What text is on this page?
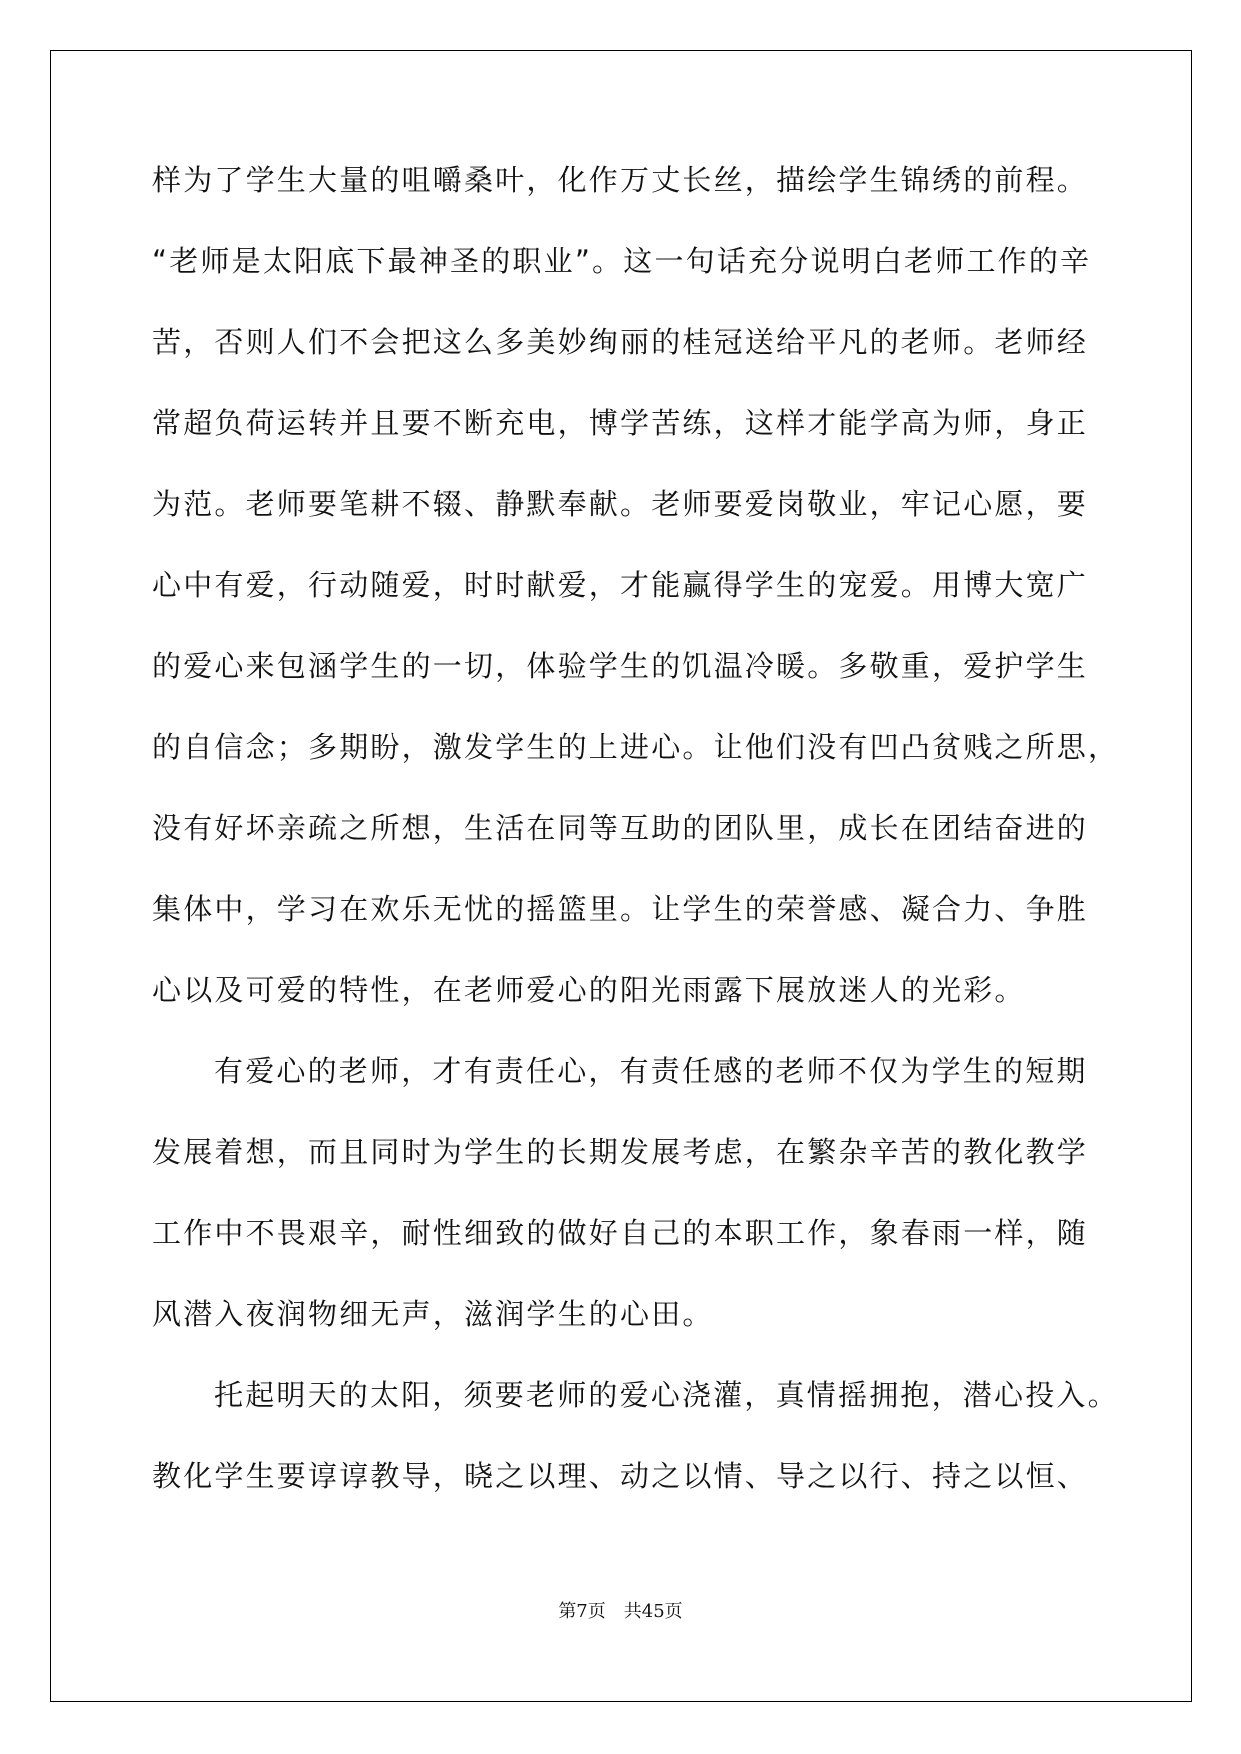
样为了学生大量的咀嚼桑叶，化作万丈长丝，描绘学生锦绣的前程。
“老师是太阳底下最神圣的职业”。这一句话充分说明白老师工作的辛
苦，否则人们不会把这么多美妙绚丽的桂冠送给平凡的老师。老师经
常超负荷运转并且要不断充电，博学苦练，这样才能学高为师，身正
为范。老师要笔耕不辍、静默奉献。老师要爱岗敬业，牢记心愿，要
心中有爱，行动随爱，时时献爱，才能赢得学生的宠爱。用博大宽广
的爱心来包涵学生的一切，体验学生的饥温冷暖。多敬重，爱护学生
的自信念；多期盼，激发学生的上进心。让他们没有凹凸贫贱之所思，
没有好坏亲疏之所想，生活在同等互助的团队里，成长在团结奋进的
集体中，学习在欢乐无忧的摇篮里。让学生的荣誉感、凝合力、争胜
心以及可爱的特性，在老师爱心的阳光雨露下展放迷人的光彩。
有爱心的老师，才有责任心，有责任感的老师不仅为学生的短期
发展着想，而且同时为学生的长期发展考虑，在繁杂辛苦的教化教学
工作中不畏艰辛，耐性细致的做好自己的本职工作，象春雨一样，随
风潜入夜润物细无声，滋润学生的心田。
托起明天的太阳，须要老师的爱心浇灌，真情摇拥抱，潜心投入。
教化学生要谆谆教导，晓之以理、动之以情、导之以行、持之以恒、
第7页　共45页
